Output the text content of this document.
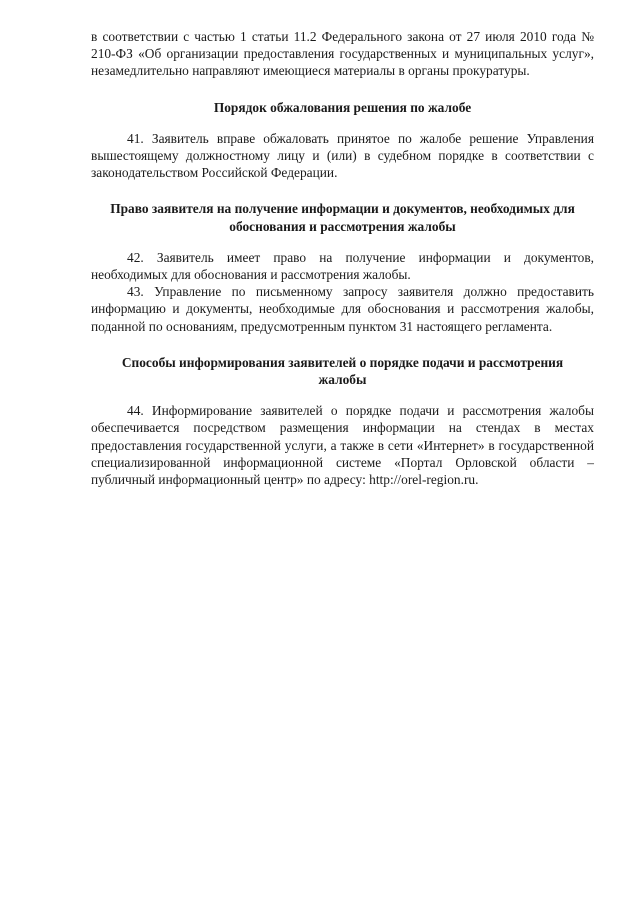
в соответствии с частью 1 статьи 11.2 Федерального закона от 27 июля 2010 года № 210-ФЗ «Об организации предоставления государственных и муниципальных услуг», незамедлительно направляют имеющиеся материалы в органы прокуратуры.

Порядок обжалования решения по жалобе

41. Заявитель вправе обжаловать принятое по жалобе решение Управления вышестоящему должностному лицу и (или) в судебном порядке в соответствии с законодательством Российской Федерации.

Право заявителя на получение информации и документов, необходимых для обоснования и рассмотрения жалобы

42. Заявитель имеет право на получение информации и документов, необходимых для обоснования и рассмотрения жалобы.

43. Управление по письменному запросу заявителя должно предоставить информацию и документы, необходимые для обоснования и рассмотрения жалобы, поданной по основаниям, предусмотренным пунктом 31 настоящего регламента.

Способы информирования заявителей о порядке подачи и рассмотрения жалобы

44. Информирование заявителей о порядке подачи и рассмотрения жалобы обеспечивается посредством размещения информации на стендах в местах предоставления государственной услуги, а также в сети «Интернет» в государственной специализированной информационной системе «Портал Орловской области – публичный информационный центр» по адресу: http://orel-region.ru.
